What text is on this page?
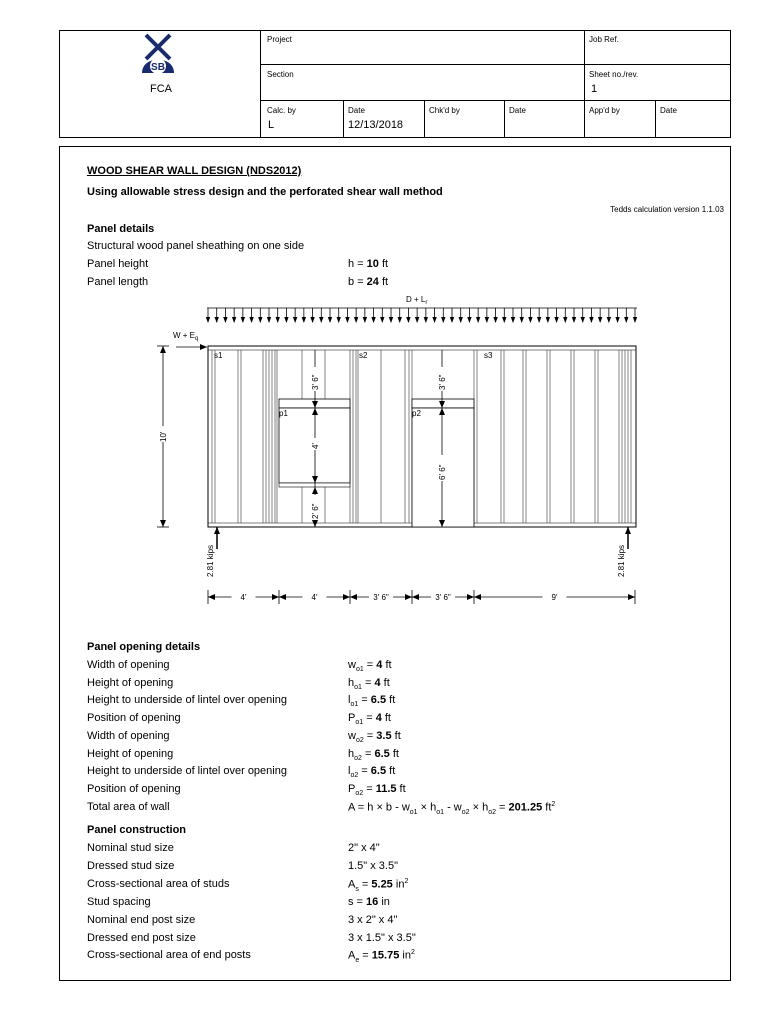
SB
FCA
Project	Job Ref.
Section	Sheet no./rev.
1
Calc. by
L
Date
12/13/2018
Chk'd by	Date	App'd by	Date
WOOD SHEAR WALL DESIGN (NDS2012)
Using allowable stress design and the perforated shear wall method
Tedds calculation version 1.1.03
Panel details
Structural wood panel sheathing on one side
Panel height	h = 10 ft
Panel length	b = 24 ft
$D + L_r$
$W + E_q$
s1	s2	s3
p1	p2
10'
3' 6"
4'
2' 6"
3' 6"
6' 6"
2.81 kips	2.81 kips
4'	4'	3' 6"	3' 6"	9'
Panel opening details
Total area of wall	$A = h \times b - w_{o1} \times h_{o1} - w_{o2} \times h_{o2} = 201.25$ $ft^2$
Panel construction
Nominal stud size	2" x 4"
Dressed stud size	1.5" x 3.5"
Cross-sectional area of studs	$A_s = 5.25$ $in^2$
Stud spacing	s = 16 in
Nominal end post size	3 x 2" x 4"
Dressed end post size	3 x 1.5" x 3.5"
Cross-sectional area of end posts	$A_e = 15.75$ $in^2$
Width of opening	$w_{o1} = 4$ ft
Height of opening	$h_{o1} = 4$ ft
Height to underside of lintel over opening	$l_{o1} = 6.5$ ft
Position of opening	$P_{o1} = 4$ ft
Width of opening	$w_{o2} = 3.5$ ft
Height of opening	$h_{o2} = 6.5$ ft
Height to underside of lintel over opening	$l_{o2} = 6.5$ ft
Position of opening	$P_{o2} = 11.5$ ft
